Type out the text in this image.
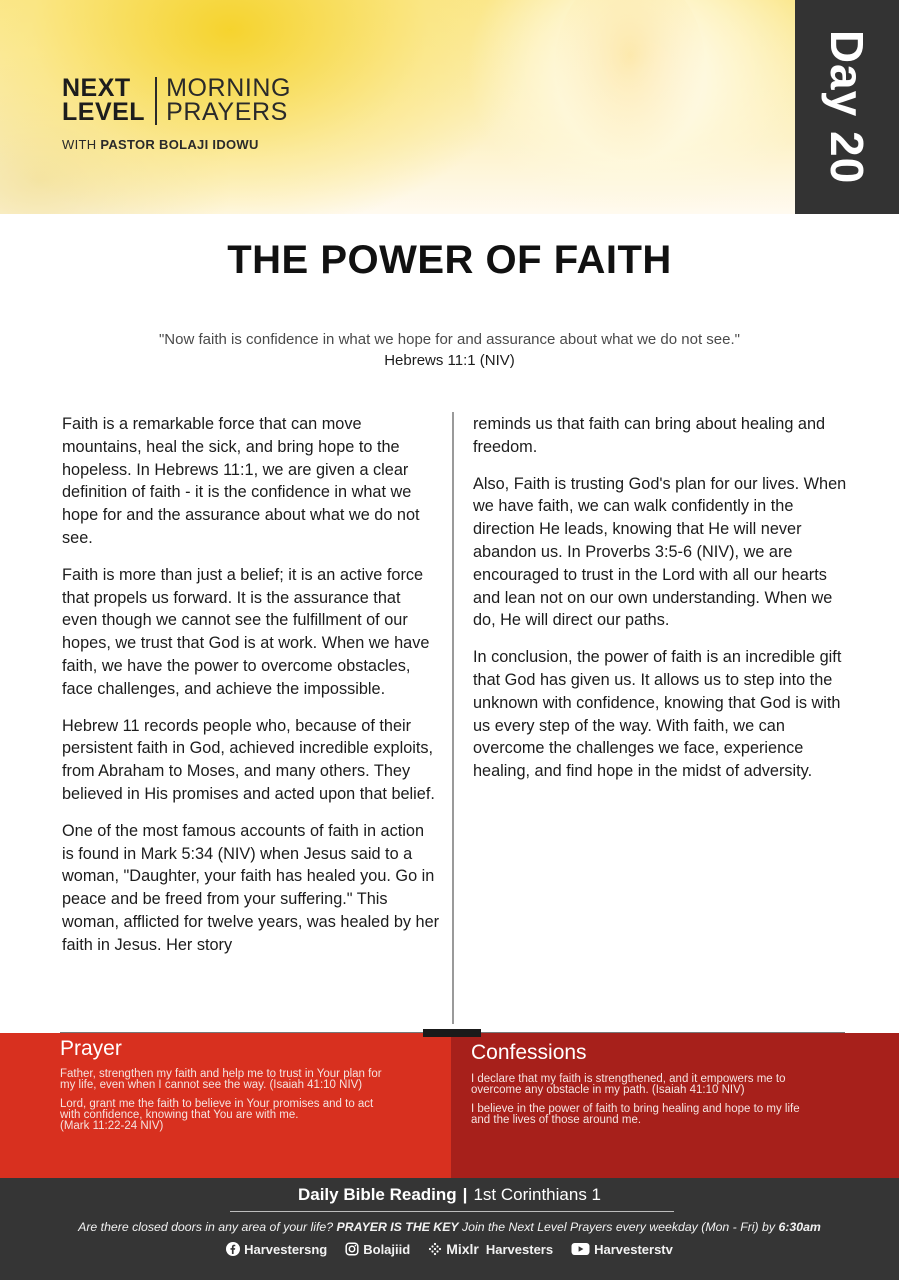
NEXT
LEVEL
MORNING
PRAYERS
WITH PASTOR BOLAJI IDOWU	Day 20
THE POWER OF FAITH
"Now faith is confidence in what we hope for and assurance about what we do not see."
Hebrews 11:1 (NIV)

Faith is a remarkable force that can move mountains, heal the sick, and bring hope to the hopeless. In Hebrews 11:1, we are given a clear definition of faith - it is the confidence in what we hope for and the assurance about what we do not see.

Faith is more than just a belief; it is an active force that propels us forward. It is the assurance that even though we cannot see the fulfillment of our hopes, we trust that God is at work. When we have faith, we have the power to overcome obstacles, face challenges, and achieve the impossible.

Hebrew 11 records people who, because of their persistent faith in God, achieved incredible exploits, from Abraham to Moses, and many others. They believed in His promises and acted upon that belief.

One of the most famous accounts of faith in action is found in Mark 5:34 (NIV) when Jesus said to a woman, "Daughter, your faith has healed you. Go in peace and be freed from your suffering." This woman, afflicted for twelve years, was healed by her faith in Jesus. Her story

reminds us that faith can bring about healing and freedom.

Also, Faith is trusting God's plan for our lives. When we have faith, we can walk confidently in the direction He leads, knowing that He will never abandon us. In Proverbs 3:5-6 (NIV), we are encouraged to trust in the Lord with all our hearts and lean not on our own understanding. When we do, He will direct our paths.

In conclusion, the power of faith is an incredible gift that God has given us. It allows us to step into the unknown with confidence, knowing that God is with us every step of the way. With faith, we can overcome the challenges we face, experience healing, and find hope in the midst of adversity.

Prayer
Father, strengthen my faith and help me to trust in Your plan for
my life, even when I cannot see the way. (Isaiah 41:10 NIV)
Lord, grant me the faith to believe in Your promises and to act
with confidence, knowing that You are with me.
(Mark 11:22-24 NIV)
Confessions
I declare that my faith is strengthened, and it empowers me to
overcome any obstacle in my path. (Isaiah 41:10 NIV)
I believe in the power of faith to bring healing and hope to my life
and the lives of those around me.
Daily Bible Reading | 1st Corinthians 1
Are there closed doors in any area of your life? PRAYER IS THE KEY Join the Next Level Prayers every weekday (Mon - Fri) by 6:30am
Harvestersng	Bolajiid	Mixlr Harvesters	Harvesterstv
